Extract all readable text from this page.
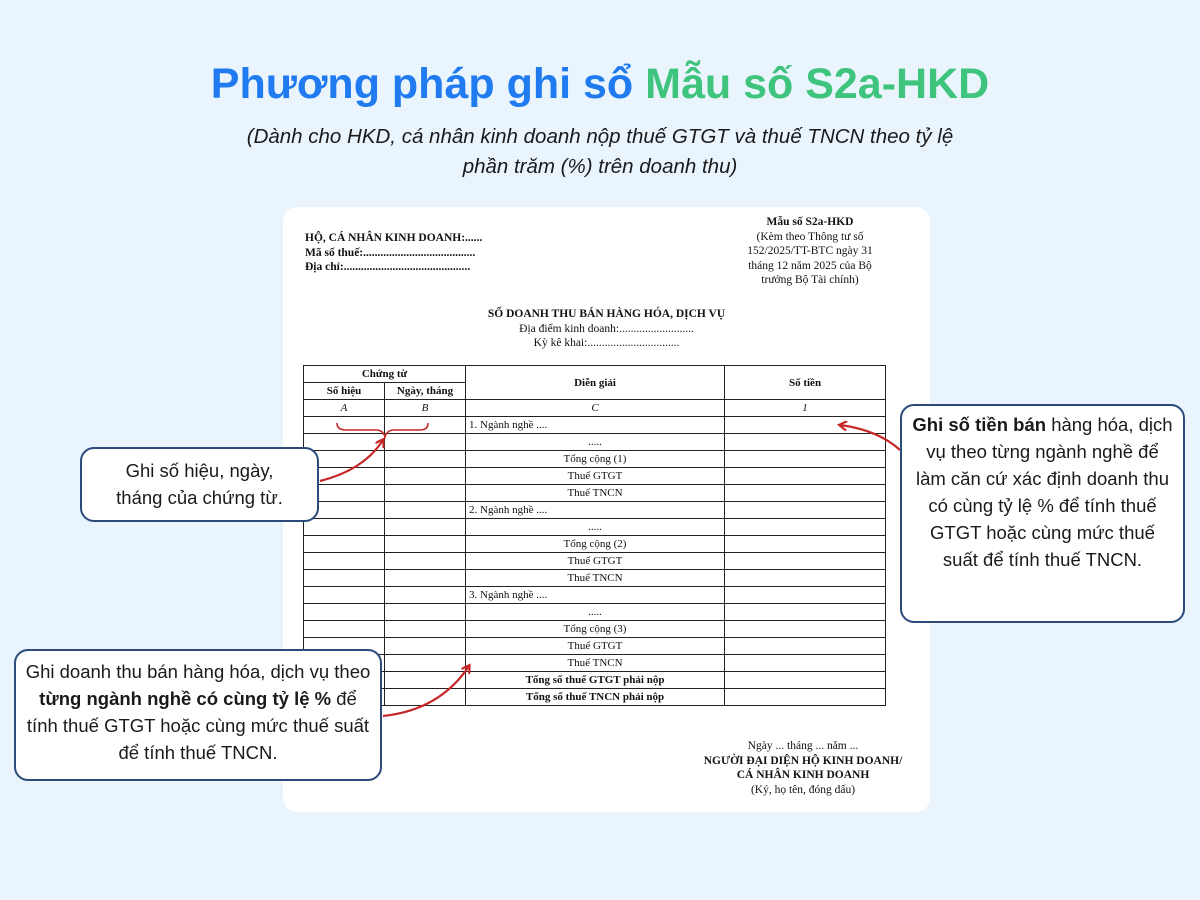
Phương pháp ghi sổ Mẫu số S2a-HKD
(Dành cho HKD, cá nhân kinh doanh nộp thuế GTGT và thuế TNCN theo tỷ lệ
phần trăm (%) trên doanh thu)
HỘ, CÁ NHÂN KINH DOANH:......
Mã số thuế:.......................................
Địa chỉ:............................................
Mẫu số S2a-HKD
(Kèm theo Thông tư số
152/2025/TT-BTC ngày 31
tháng 12 năm 2025 của Bộ
trưởng Bộ Tài chính)
SỔ DOANH THU BÁN HÀNG HÓA, DỊCH VỤ
Địa điểm kinh doanh:..........................
Kỳ kê khai:................................
Chứng từ		Diễn giải	Số tiền
Số hiệu	Ngày, tháng		
A	B	C	1
		1. Ngành nghề ....	
		.....	
		Tổng cộng (1)	
		Thuế GTGT	
		Thuế TNCN	
		2. Ngành nghề ....	
		.....	
		Tổng cộng (2)	
		Thuế GTGT	
		Thuế TNCN	
		3. Ngành nghề ....	
		.....	
		Tổng cộng (3)	
		Thuế GTGT	
		Thuế TNCN	
		Tổng số thuế GTGT phải nộp	
		Tổng số thuế TNCN phải nộp	
Ngày ... tháng ... năm ...
NGƯỜI ĐẠI DIỆN HỘ KINH DOANH/
CÁ NHÂN KINH DOANH
(Ký, họ tên, đóng dấu)
Ghi số hiệu, ngày,
tháng của chứng từ.
Ghi số tiền bán hàng hóa, dịch vụ theo từng ngành nghề để làm căn cứ xác định doanh thu có cùng tỷ lệ % để tính thuế GTGT hoặc cùng mức thuế suất để tính thuế TNCN.
Ghi doanh thu bán hàng hóa, dịch vụ theo từng ngành nghề có cùng tỷ lệ % để tính thuế GTGT hoặc cùng mức thuế suất để tính thuế TNCN.
